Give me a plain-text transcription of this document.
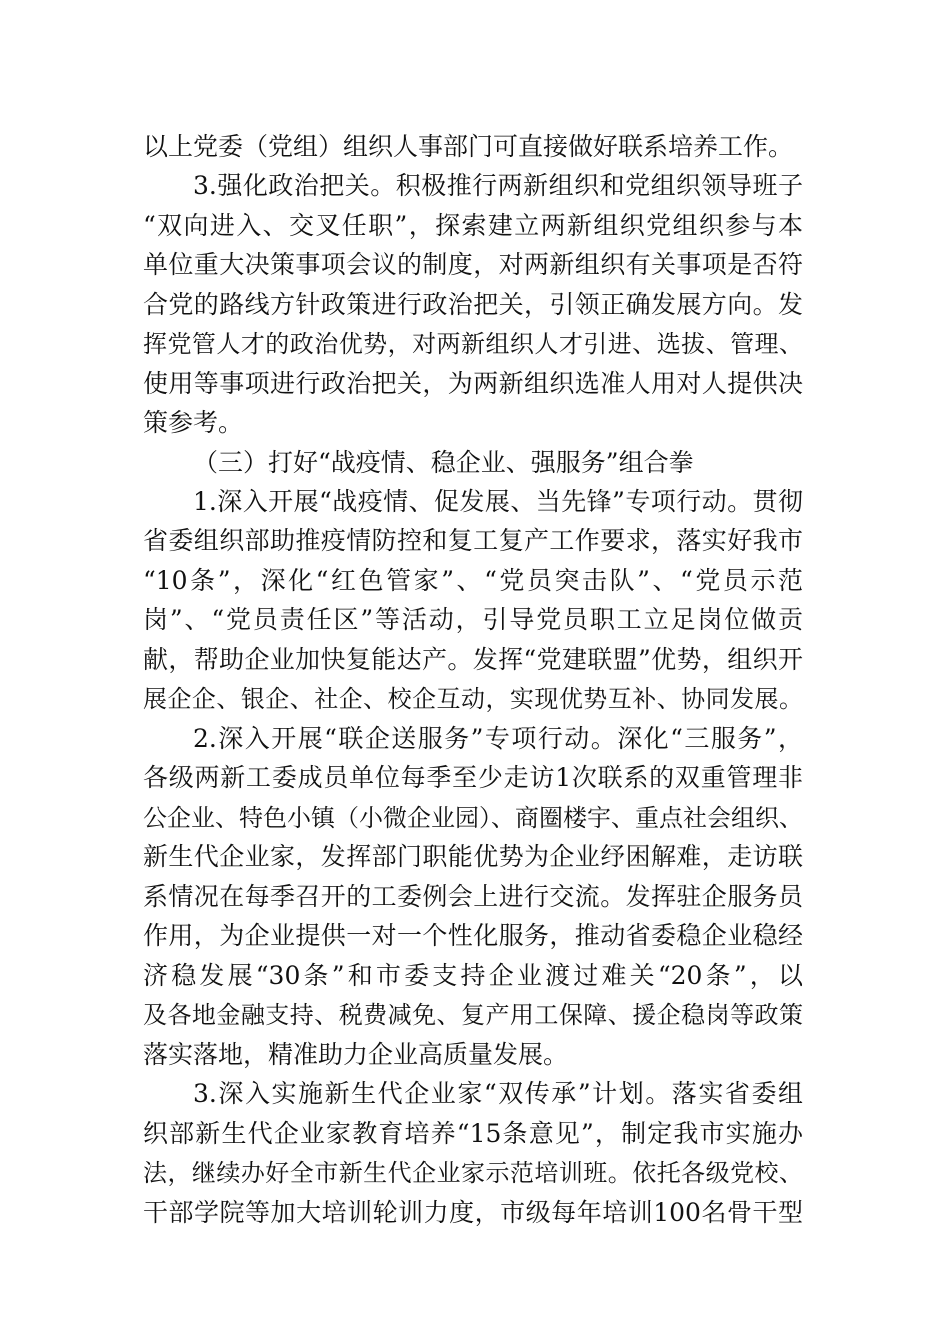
以上党委（党组）组织人事部门可直接做好联系培养工作。
3.强化政治把关。积极推行两新组织和党组织领导班子
“双向进入、交叉任职”，探索建立两新组织党组织参与本
单位重大决策事项会议的制度，对两新组织有关事项是否符
合党的路线方针政策进行政治把关，引领正确发展方向。发
挥党管人才的政治优势，对两新组织人才引进、选拔、管理、
使用等事项进行政治把关，为两新组织选准人用对人提供决
策参考。
（三）打好“战疫情、稳企业、强服务”组合拳
1.深入开展“战疫情、促发展、当先锋”专项行动。贯彻
省委组织部助推疫情防控和复工复产工作要求，落实好我市
“10条”，深化“红色管家”、“党员突击队”、“党员示范
岗”、“党员责任区”等活动，引导党员职工立足岗位做贡
献，帮助企业加快复能达产。发挥“党建联盟”优势，组织开
展企企、银企、社企、校企互动，实现优势互补、协同发展。
2.深入开展“联企送服务”专项行动。深化“三服务”，
各级两新工委成员单位每季至少走访1次联系的双重管理非
公企业、特色小镇（小微企业园）、商圈楼宇、重点社会组织、
新生代企业家，发挥部门职能优势为企业纾困解难，走访联
系情况在每季召开的工委例会上进行交流。发挥驻企服务员
作用，为企业提供一对一个性化服务，推动省委稳企业稳经
济稳发展“30条”和市委支持企业渡过难关“20条”，以
及各地金融支持、税费减免、复产用工保障、援企稳岗等政策
落实落地，精准助力企业高质量发展。
3.深入实施新生代企业家“双传承”计划。落实省委组
织部新生代企业家教育培养“15条意见”，制定我市实施办
法，继续办好全市新生代企业家示范培训班。依托各级党校、
干部学院等加大培训轮训力度，市级每年培训100名骨干型
